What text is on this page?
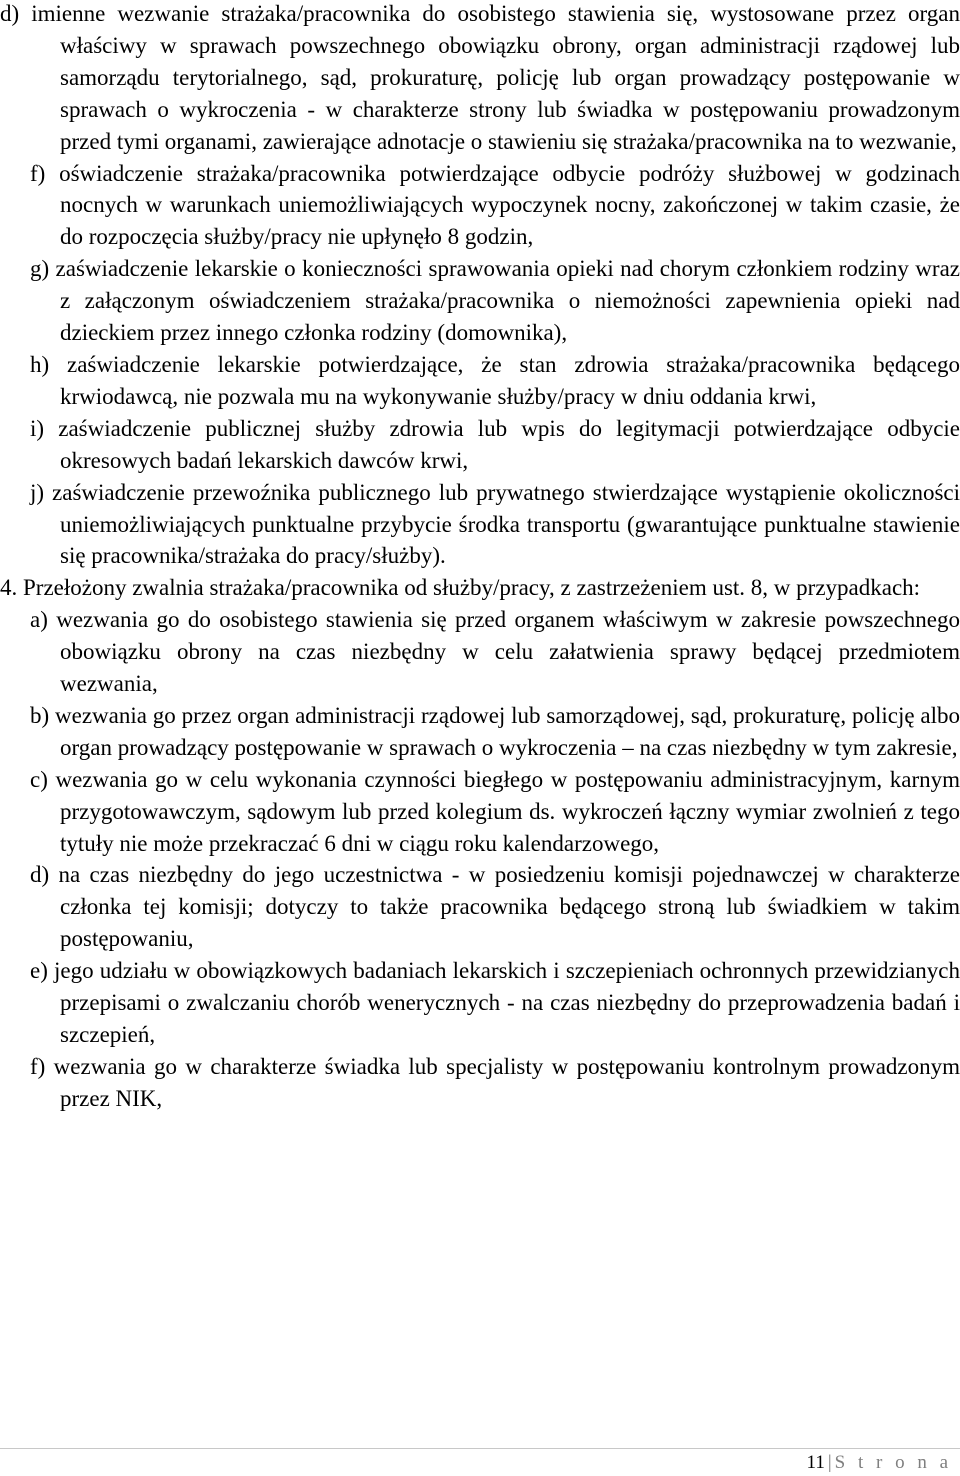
d) imienne wezwanie strażaka/pracownika do osobistego stawienia się, wystosowane przez organ właściwy w sprawach powszechnego obowiązku obrony, organ administracji rządowej lub samorządu terytorialnego, sąd, prokuraturę, policję lub organ prowadzący postępowanie w sprawach o wykroczenia - w charakterze strony lub świadka w postępowaniu prowadzonym przed tymi organami, zawierające adnotacje o stawieniu się strażaka/pracownika na to wezwanie,

f) oświadczenie strażaka/pracownika potwierdzające odbycie podróży służbowej w godzinach nocnych w warunkach uniemożliwiających wypoczynek nocny, zakończonej w takim czasie, że do rozpoczęcia służby/pracy nie upłynęło 8 godzin,

g) zaświadczenie lekarskie o konieczności sprawowania opieki nad chorym członkiem rodziny wraz z załączonym oświadczeniem strażaka/pracownika o niemożności zapewnienia opieki nad dzieckiem przez innego członka rodziny (domownika),

h) zaświadczenie lekarskie potwierdzające, że stan zdrowia strażaka/pracownika będącego krwiodawcą, nie pozwala mu na wykonywanie służby/pracy w dniu oddania krwi,

i) zaświadczenie publicznej służby zdrowia lub wpis do legitymacji potwierdzające odbycie okresowych badań lekarskich dawców krwi,

j) zaświadczenie przewoźnika publicznego lub prywatnego stwierdzające wystąpienie okoliczności uniemożliwiających punktualne przybycie środka transportu (gwarantujące punktualne stawienie się pracownika/strażaka do pracy/służby).

4. Przełożony zwalnia strażaka/pracownika od służby/pracy, z zastrzeżeniem ust. 8, w przypadkach:

a) wezwania go do osobistego stawienia się przed organem właściwym w zakresie powszechnego obowiązku obrony na czas niezbędny w celu załatwienia sprawy będącej przedmiotem wezwania,

b) wezwania go przez organ administracji rządowej lub samorządowej, sąd, prokuraturę, policję albo organ prowadzący postępowanie w sprawach o wykroczenia – na czas niezbędny w tym zakresie,

c) wezwania go w celu wykonania czynności biegłego w postępowaniu administracyjnym, karnym przygotowawczym, sądowym lub przed kolegium ds. wykroczeń łączny wymiar zwolnień z tego tytuły nie może przekraczać 6 dni w ciągu roku kalendarzowego,

d) na czas niezbędny do jego uczestnictwa - w posiedzeniu komisji pojednawczej w charakterze członka tej komisji; dotyczy to także pracownika będącego stroną lub świadkiem w takim postępowaniu,

e) jego udziału w obowiązkowych badaniach lekarskich i szczepieniach ochronnych przewidzianych przepisami o zwalczaniu chorób wenerycznych - na czas niezbędny do przeprowadzenia badań i szczepień,

f) wezwania go w charakterze świadka lub specjalisty w postępowaniu kontrolnym prowadzonym przez NIK,

11 | S t r o n a
